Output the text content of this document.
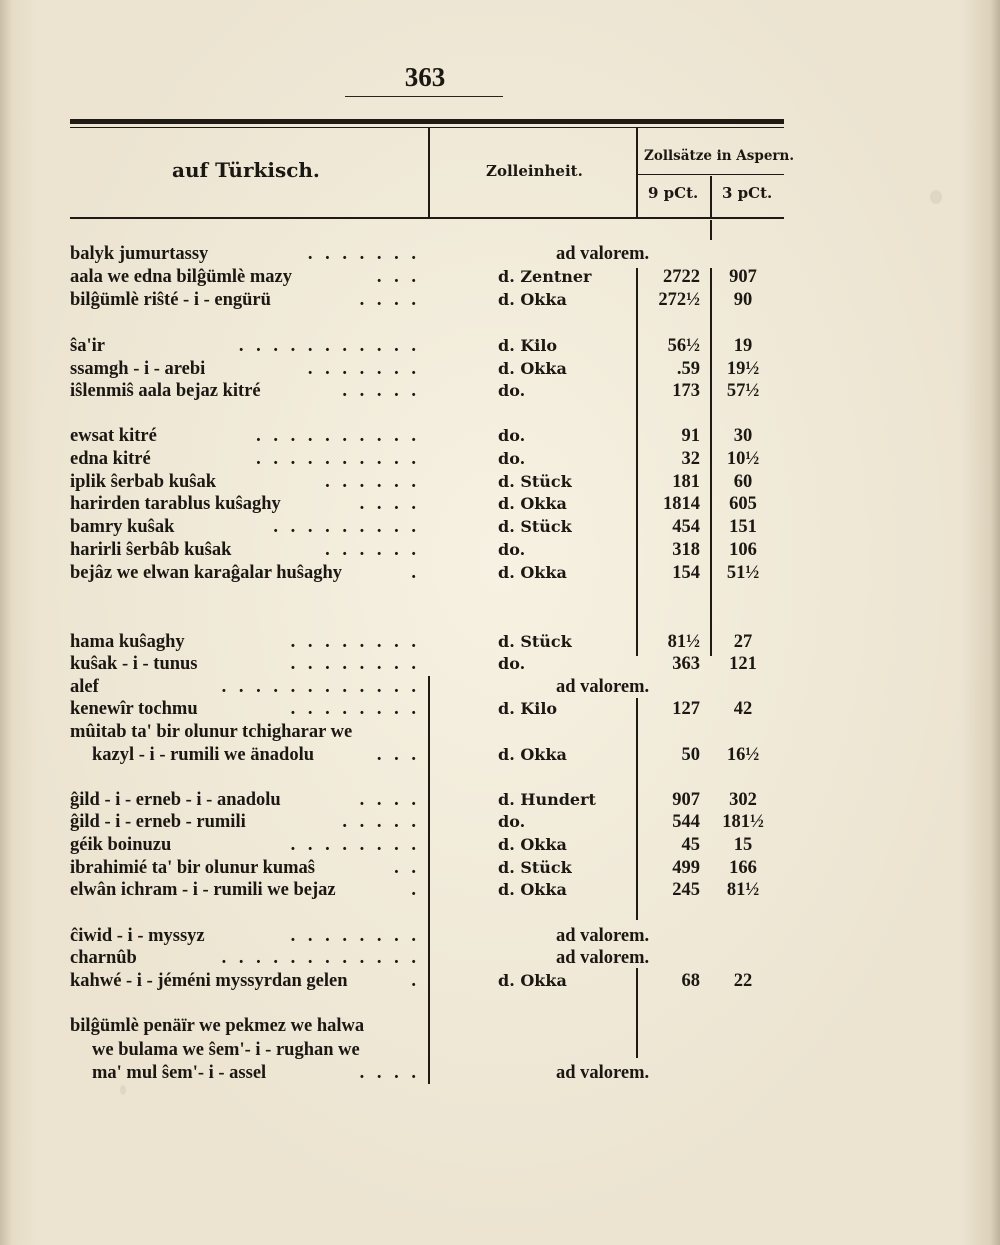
363
auf Türkisch.	Zolleinheit.
Zollsätze in Aspern.
9 pCt. 3 pCt.
balyk jumurtassy	. . . . . . .	ad valorem.
aala we edna bilĝümlè mazy	. . .	d. Zentner	2722	907
bilĝümlè riŝté - i - engürü	. . . .	d. Okka	272½	90
ŝa'ir	. . . . . . . . . . .	d. Kilo	56½	19
ssamgh - i - arebi	. . . . . . .	d. Okka	.59	19½
iŝlenmiŝ aala bejaz kitré	. . . . .	do.	173	57½
ewsat kitré	. . . . . . . . . .	do.	91	30
edna kitré	. . . . . . . . . .	do.	32	10½
iplik ŝerbab kuŝak	. . . . . .	d. Stück	181	60
harirden tarablus kuŝaghy	. . . .	d. Okka	1814	605
bamry kuŝak	. . . . . . . . .	d. Stück	454	151
harirli ŝerbâb kuŝak	. . . . . .	do.	318	106
bejâz we elwan karaĝalar huŝaghy	.	d. Okka	154	51½
hama kuŝaghy	. . . . . . . .	d. Stück	81½	27
kuŝak - i - tunus	. . . . . . . .	do.	363	121
alef	. . . . . . . . . . . .	ad valorem.
kenewîr tochmu	. . . . . . . .	d. Kilo	127	42
mûitab ta' bir olunur tchigharar we
kazyl - i - rumili we änadolu	. . .	d. Okka	50	16½
ĝild - i - erneb - i - anadolu	. . . .	d. Hundert	907	302
ĝild - i - erneb - rumili	. . . . .	do.	544	181½
géik boinuzu	. . . . . . . .	d. Okka	45	15
ibrahimié ta' bir olunur kumaŝ	. .	d. Stück	499	166
elwân ichram - i - rumili we bejaz	.	d. Okka	245	81½
ĉiwid - i - myssyz	. . . . . . . .	ad valorem.
charnûb	. . . . . . . . . . . .	ad valorem.
kahwé - i - jéméni myssyrdan gelen	.	d. Okka	68	22
bilĝümlè penäïr we pekmez we halwa
we bulama we ŝem'- i - rughan we
ma' mul ŝem'- i - assel	. . . .	ad valorem.
